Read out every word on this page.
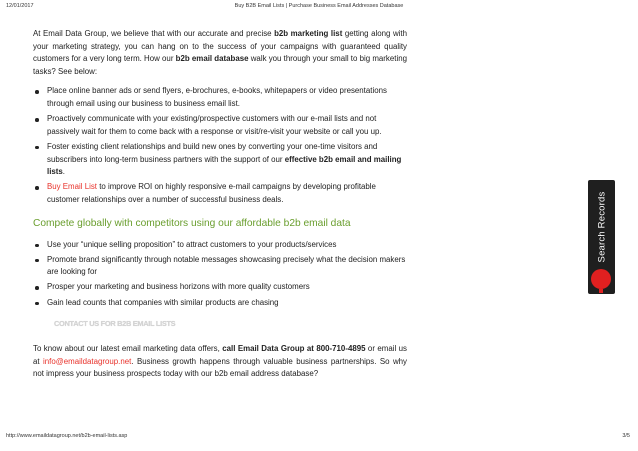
12/01/2017	Buy B2B Email Lists | Purchase Business Email Addresses Database

At Email Data Group, we believe that with our accurate and precise b2b marketing list getting along with your marketing strategy, you can hang on to the success of your campaigns with guaranteed quality customers for a very long term. How our b2b email database walk you through your small to big marketing tasks? See below:

Place online banner ads or send flyers, e-brochures, e-books, whitepapers or video presentations through email using our business to business email list.
Proactively communicate with your existing/prospective customers with our e-mail lists and not passively wait for them to come back with a response or visit/re-visit your website or call you up.
Foster existing client relationships and build new ones by converting your one-time visitors and subscribers into long-term business partners with the support of our effective b2b email and mailing lists.
Buy Email List to improve ROI on highly responsive e-mail campaigns by developing profitable customer relationships over a number of successful business deals.
Compete globally with competitors using our affordable b2b email data
Use your “unique selling proposition” to attract customers to your products/services
Promote brand significantly through notable messages showcasing precisely what the decision makers are looking for
Prosper your marketing and business horizons with more quality customers
Gain lead counts that companies with similar products are chasing
CONTACT US FOR B2B EMAIL LISTS

To know about our latest email marketing data offers, call Email Data Group at 800-710-4895 or email us at info@emaildatagroup.net. Business growth happens through valuable business partnerships. So why not impress your business prospects today with our b2b email address database?

Search Records
http://www.emaildatagroup.net/b2b-email-lists.asp	3/5
